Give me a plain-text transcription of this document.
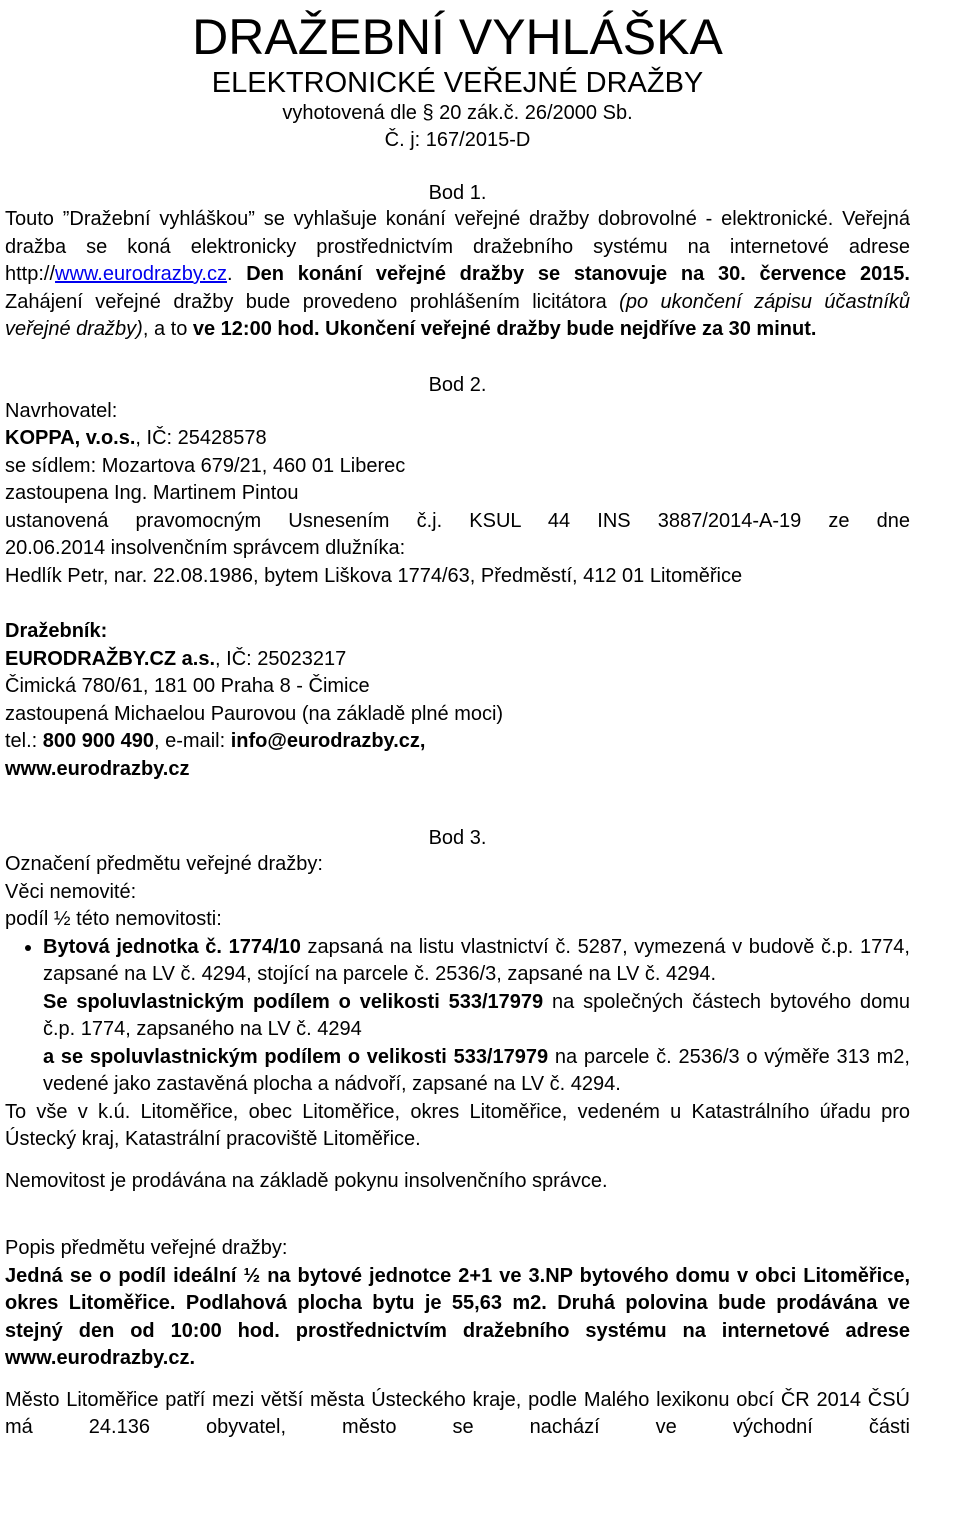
DRAŽEBNÍ VYHLÁŠKA
ELEKTRONICKÉ VEŘEJNÉ DRAŽBY
vyhotovená dle § 20 zák.č. 26/2000 Sb.
Č. j: 167/2015-D
Bod 1.

Touto ”Dražební vyhláškou” se vyhlašuje konání veřejné dražby dobrovolné - elektronické. Veřejná dražba se koná elektronicky prostřednictvím dražebního systému na internetové adrese http://www.eurodrazby.cz. Den konání veřejné dražby se stanovuje na 30. července 2015. Zahájení veřejné dražby bude provedeno prohlášením licitátora (po ukončení zápisu účastníků veřejné dražby), a to ve 12:00 hod. Ukončení veřejné dražby bude nejdříve za 30 minut.

Bod 2.
Navrhovatel:
KOPPA, v.o.s., IČ: 25428578
se sídlem: Mozartova 679/21, 460 01 Liberec
zastoupena Ing. Martinem Pintou
ustanovená pravomocným Usnesením č.j. KSUL 44 INS 3887/2014-A-19 ze dne
20.06.2014 insolvenčním správcem dlužníka:
Hedlík Petr, nar. 22.08.1986, bytem Liškova 1774/63, Předměstí, 412 01 Litoměřice
Dražebník:
EURODRAŽBY.CZ a.s., IČ: 25023217
Čimická 780/61, 181 00 Praha 8 - Čimice
zastoupená Michaelou Paurovou (na základě plné moci)
tel.: 800 900 490, e-mail: info@eurodrazby.cz,
www.eurodrazby.cz
Bod 3.
Označení předmětu veřejné dražby:
Věci nemovité:
podíl ½ této nemovitosti:
• Bytová jednotka č. 1774/10 zapsaná na listu vlastnictví č. 5287, vymezená v budově č.p. 1774, zapsané na LV č. 4294, stojící na parcele č. 2536/3, zapsané na LV č. 4294.
Se spoluvlastnickým podílem o velikosti 533/17979 na společných částech bytového domu č.p. 1774, zapsaného na LV č. 4294
a se spoluvlastnickým podílem o velikosti 533/17979 na parcele č. 2536/3 o výměře 313 m2, vedené jako zastavěná plocha a nádvoří, zapsané na LV č. 4294.

To vše v k.ú. Litoměřice, obec Litoměřice, okres Litoměřice, vedeném u Katastrálního úřadu pro Ústecký kraj, Katastrální pracoviště Litoměřice.

Nemovitost je prodávána na základě pokynu insolvenčního správce.

Popis předmětu veřejné dražby:

Jedná se o podíl ideální ½ na bytové jednotce 2+1 ve 3.NP bytového domu v obci Litoměřice, okres Litoměřice. Podlahová plocha bytu je 55,63 m2. Druhá polovina bude prodávána ve stejný den od 10:00 hod. prostřednictvím dražebního systému na internetové adrese www.eurodrazby.cz.

Město Litoměřice patří mezi větší města Ústeckého kraje, podle Malého lexikonu obcí ČR 2014 ČSÚ má 24.136 obyvatel, město se nachází ve východní části
